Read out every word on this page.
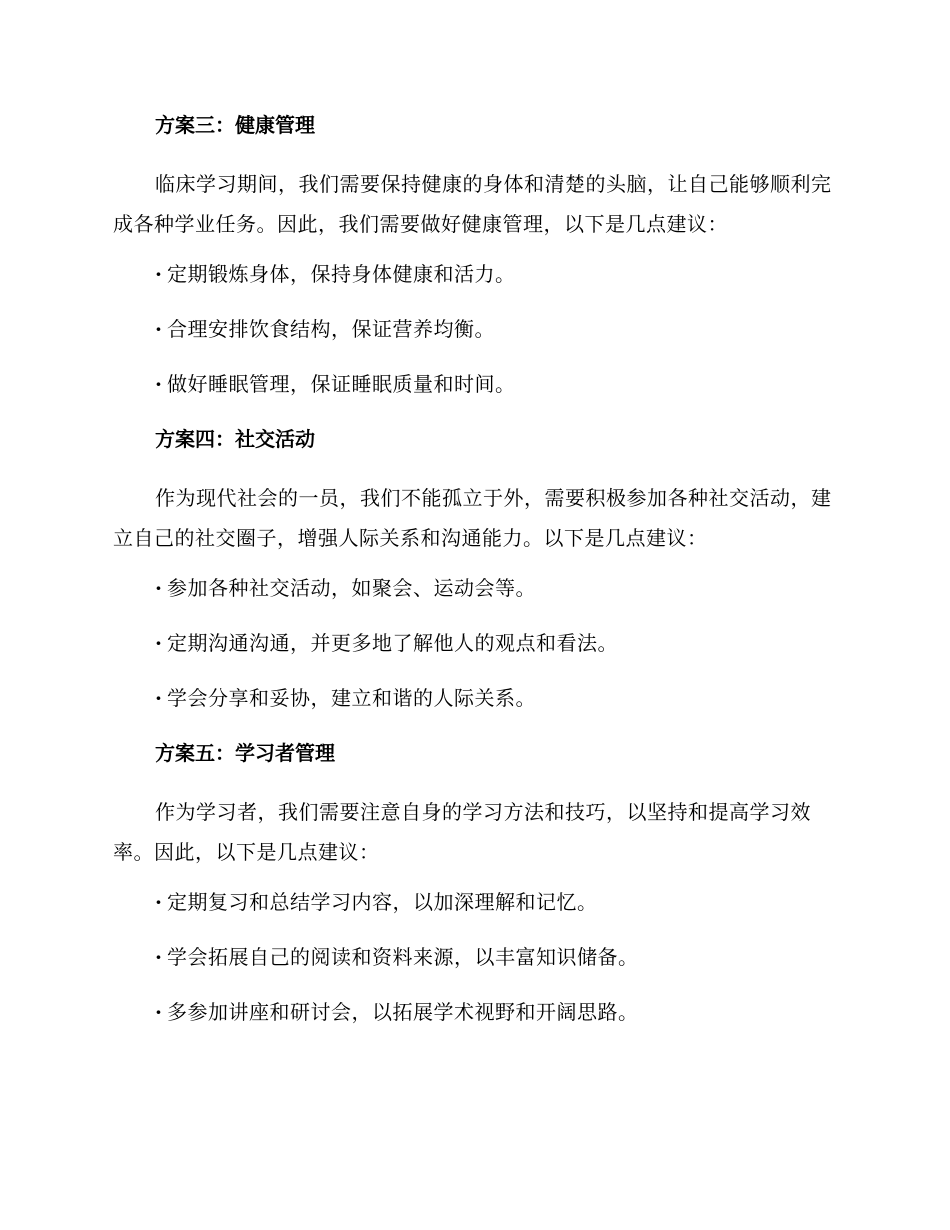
方案三：健康管理

临床学习期间，我们需要保持健康的身体和清楚的头脑，让自己能够顺利完成各种学业任务。因此，我们需要做好健康管理，以下是几点建议：

· 定期锻炼身体，保持身体健康和活力。

· 合理安排饮食结构，保证营养均衡。

· 做好睡眠管理，保证睡眠质量和时间。

方案四：社交活动

作为现代社会的一员，我们不能孤立于外，需要积极参加各种社交活动，建立自己的社交圈子，增强人际关系和沟通能力。以下是几点建议：

· 参加各种社交活动，如聚会、运动会等。

· 定期沟通沟通，并更多地了解他人的观点和看法。

· 学会分享和妥协，建立和谐的人际关系。

方案五：学习者管理

作为学习者，我们需要注意自身的学习方法和技巧，以坚持和提高学习效率。因此，以下是几点建议：

· 定期复习和总结学习内容，以加深理解和记忆。

· 学会拓展自己的阅读和资料来源，以丰富知识储备。

· 多参加讲座和研讨会，以拓展学术视野和开阔思路。
